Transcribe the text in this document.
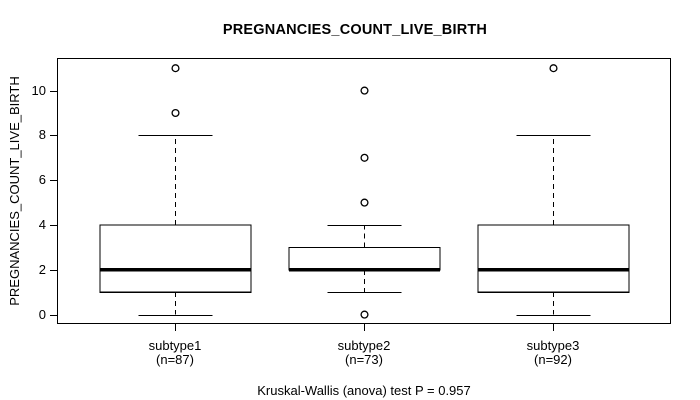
PREGNANCIES_COUNT_LIVE_BIRTH
PREGNANCIES_COUNT_LIVE_BIRTH
0
2
4
6
8
10
subtype1
(n=87)
subtype2
(n=73)
subtype3
(n=92)
Kruskal-Wallis (anova) test P = 0.957
